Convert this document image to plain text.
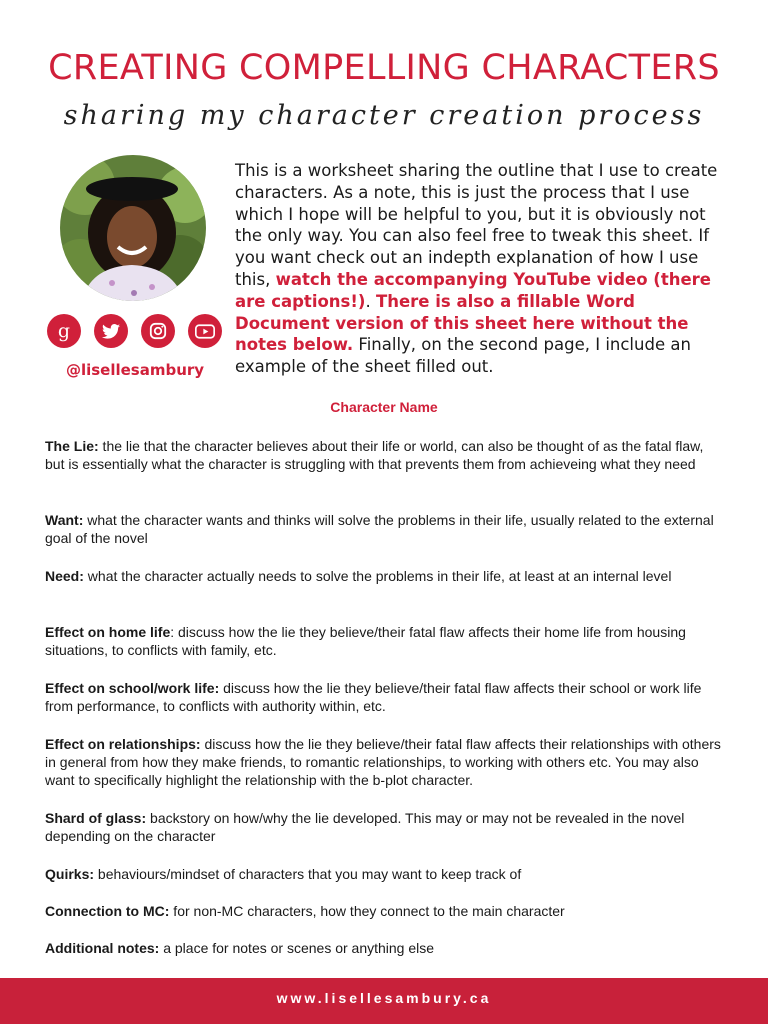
CREATING COMPELLING CHARACTERS
sharing my character creation process
g
@lisellesambury
This is a worksheet sharing the outline that I use to create characters. As a note, this is just the process that I use which I hope will be helpful to you, but it is obviously not the only way. You can also feel free to tweak this sheet. If you want check out an indepth explanation of how I use this, watch the accompanying YouTube video (there are captions!). There is also a fillable Word Document version of this sheet here without the notes below. Finally, on the second page, I include an example of the sheet filled out.
Character Name
The Lie: the lie that the character believes about their life or world, can also be thought of as the fatal flaw, but is essentially what the character is struggling with that prevents them from achieveing what they need
Want: what the character wants and thinks will solve the problems in their life, usually related to the external goal of the novel
Need: what the character actually needs to solve the problems in their life, at least at an internal level
Effect on home life: discuss how the lie they believe/their fatal flaw affects their home life from housing situations, to conflicts with family, etc.
Effect on school/work life: discuss how the lie they believe/their fatal flaw affects their school or work life from performance, to conflicts with authority within, etc.
Effect on relationships: discuss how the lie they believe/their fatal flaw affects their relationships with others in general from how they make friends, to romantic relationships, to working with others etc. You may also want to specifically highlight the relationship with the b-plot character.
Shard of glass: backstory on how/why the lie developed. This may or may not be revealed in the novel depending on the character
Quirks: behaviours/mindset of characters that you may want to keep track of
Connection to MC: for non-MC characters, how they connect to the main character
Additional notes: a place for notes or scenes or anything else
www.lisellesambury.ca
